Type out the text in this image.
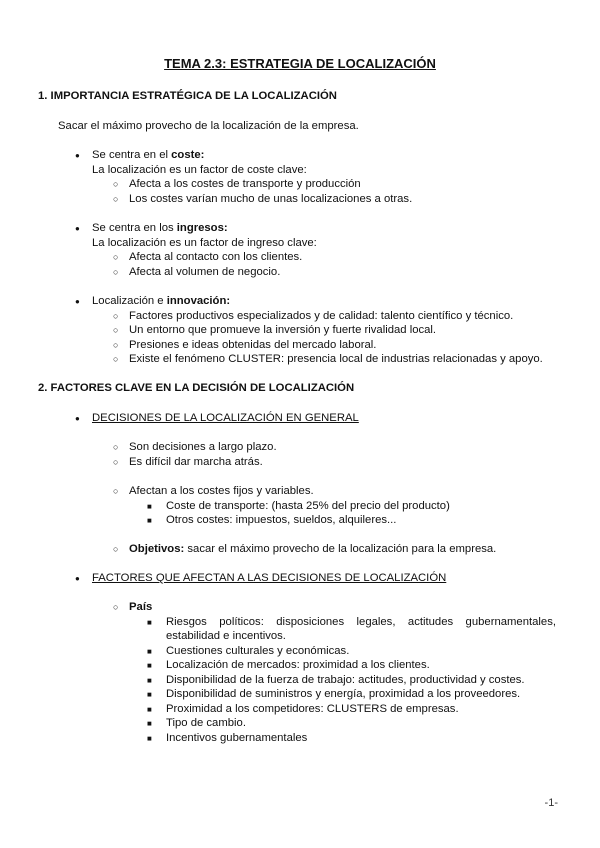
TEMA 2.3: ESTRATEGIA DE LOCALIZACIÓN
1. IMPORTANCIA ESTRATÉGICA DE LA LOCALIZACIÓN
Sacar el máximo provecho de la localización de la empresa.
● Se centra en el coste:
La localización es un factor de coste clave:
○ Afecta a los costes de transporte y producción
○ Los costes varían mucho de unas localizaciones a otras.
● Se centra en los ingresos:
La localización es un factor de ingreso clave:
○ Afecta al contacto con los clientes.
○ Afecta al volumen de negocio.
● Localización e innovación:
○ Factores productivos especializados y de calidad: talento científico y técnico.
○ Un entorno que promueve la inversión y fuerte rivalidad local.
○ Presiones e ideas obtenidas del mercado laboral.
○ Existe el fenómeno CLUSTER: presencia local de industrias relacionadas y apoyo.
2. FACTORES CLAVE EN LA DECISIÓN DE LOCALIZACIÓN
● DECISIONES DE LA LOCALIZACIÓN EN GENERAL
○ Son decisiones a largo plazo.
○ Es difícil dar marcha atrás.
○ Afectan a los costes fijos y variables.
■ Coste de transporte: (hasta 25% del precio del producto)
■ Otros costes: impuestos, sueldos, alquileres...
○ Objetivos: sacar el máximo provecho de la localización para la empresa.
● FACTORES QUE AFECTAN A LAS DECISIONES DE LOCALIZACIÓN
○ País
■ Riesgos políticos: disposiciones legales, actitudes gubernamentales,
estabilidad e incentivos.
■ Cuestiones culturales y económicas.
■ Localización de mercados: proximidad a los clientes.
■ Disponibilidad de la fuerza de trabajo: actitudes, productividad y costes.
■ Disponibilidad de suministros y energía, proximidad a los proveedores.
■ Proximidad a los competidores: CLUSTERS de empresas.
■ Tipo de cambio.
■ Incentivos gubernamentales
-1-
